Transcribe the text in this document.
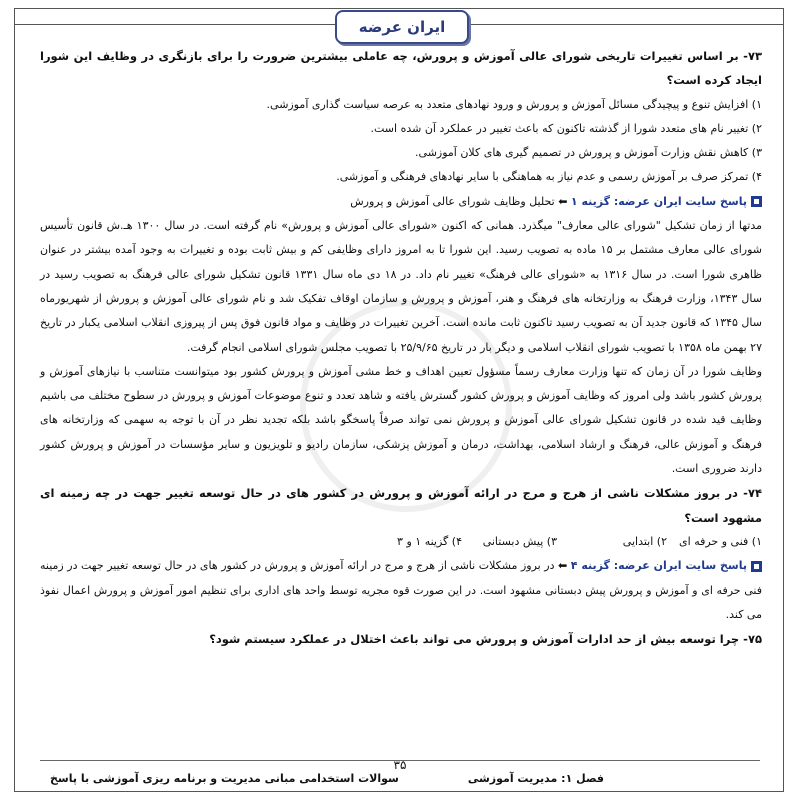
ایران عرضه

۷۳- بر اساس تغییرات تاریخی شورای عالی آموزش و پرورش، چه عاملی بیشترین ضرورت را برای بازنگری در وظایف این شورا ایجاد کرده است؟

۱) افزایش تنوع و پیچیدگی مسائل آموزش و پرورش و ورود نهادهای متعدد به عرصه سیاست گذاری آموزشی.

۲) تغییر نام های متعدد شورا از گذشته تاکنون که باعث تغییر در عملکرد آن شده است.

۳) کاهش نقش وزارت آموزش و پرورش در تصمیم گیری های کلان آموزشی.

۴) تمرکز صرف بر آموزش رسمی و عدم نیاز به هماهنگی با سایر نهادهای فرهنگی و آموزشی.

پاسخ سایت ایران عرضه: گزینه ۱ ⬅ تحلیل وظایف شورای عالی آموزش و پرورش

مدتها از زمان تشکیل "شورای عالی معارف" میگذرد. همانی که اکنون «شورای عالی آموزش و پرورش» نام گرفته است. در سال ۱۳۰۰ هـ.ش قانون تأسیس شورای عالی معارف مشتمل بر ۱۵ ماده به تصویب رسید. این شورا تا به امروز دارای وظایفی کم و بیش ثابت بوده و تغییرات به وجود آمده بیشتر در عنوان ظاهری شورا است. در سال ۱۳۱۶ به «شورای عالی فرهنگ» تغییر نام داد. در ۱۸ دی ماه سال ۱۳۳۱ قانون تشکیل شورای عالی فرهنگ به تصویب رسید در سال ۱۳۴۳، وزارت فرهنگ به وزارتخانه های فرهنگ و هنر، آموزش و پرورش و سازمان اوقاف تفکیک شد و نام شورای عالی آموزش و پرورش از شهریورماه سال ۱۳۴۵ که قانون جدید آن به تصویب رسید تاکنون ثابت مانده است. آخرین تغییرات در وظایف و مواد قانون فوق پس از پیروزی انقلاب اسلامی یکبار در تاریخ ۲۷ بهمن ماه ۱۳۵۸ با تصویب شورای انقلاب اسلامی و دیگر بار در تاریخ ۲۵/۹/۶۵ با تصویب مجلس شورای اسلامی انجام گرفت.

وظایف شورا در آن زمان که تنها وزارت معارف رسماً مسؤول تعیین اهداف و خط مشی آموزش و پرورش کشور بود میتوانست متناسب با نیازهای آموزش و پرورش کشور باشد ولی امروز که وظایف آموزش و پرورش کشور گسترش یافته و شاهد تعدد و تنوع موضوعات آموزش و پرورش در سطوح مختلف می باشیم وظایف قید شده در قانون تشکیل شورای عالی آموزش و پرورش نمی تواند صرفاً پاسخگو باشد بلکه تجدید نظر در آن با توجه به سهمی که وزارتخانه های فرهنگ و آموزش عالی، فرهنگ و ارشاد اسلامی، بهداشت، درمان و آموزش پزشکی، سازمان رادیو و تلویزیون و سایر مؤسسات در آموزش و پرورش کشور دارند ضروری است.

۷۴- در بروز مشکلات ناشی از هرج و مرج در ارائه آموزش و پرورش در کشور های در حال توسعه تغییر جهت در چه زمینه ای مشهود است؟

۱) فنی و حرفه ای
۲) ابتدایی
۳) پیش دبستانی
۴) گزینه ۱ و ۳

پاسخ سایت ایران عرضه: گزینه ۴ ⬅ در بروز مشکلات ناشی از هرج و مرج در ارائه آموزش و پرورش در کشور های در حال توسعه تغییر جهت در زمینه فنی حرفه ای و آموزش و پرورش پیش دبستانی مشهود است. در این صورت قوه مجریه توسط واحد های اداری برای تنظیم امور آموزش و پرورش اعمال نفوذ می کند.

۷۵- چرا توسعه بیش از حد ادارات آموزش و پرورش می تواند باعث اختلال در عملکرد سیستم شود؟

۳۵
فصل ۱: مدیریت آموزشی
سوالات استخدامی مبانی مدیریت و برنامه ریزی آموزشی با پاسخ
